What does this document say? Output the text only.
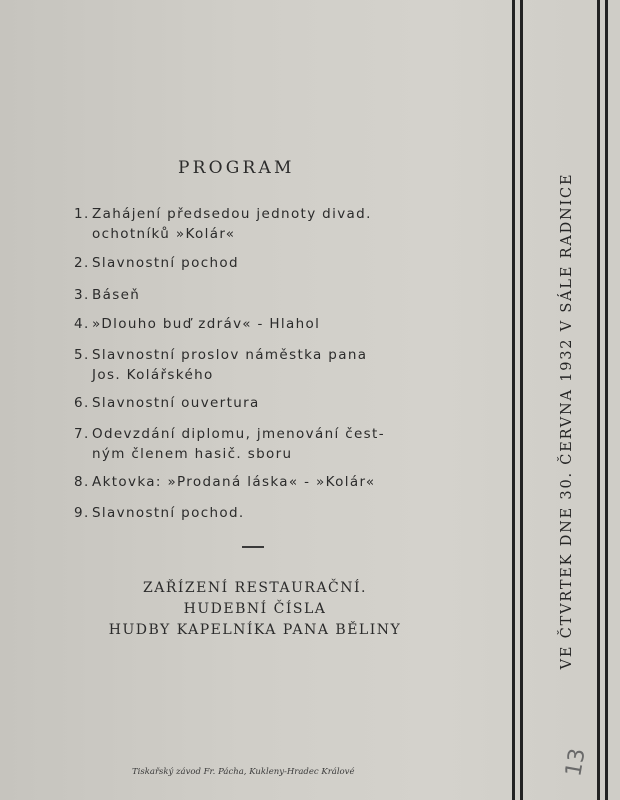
PROGRAM
1. Zahájení předsedou jednoty divad.
ochotníků »Kolár«
2. Slavnostní pochod
3. Báseň
4. »Dlouho buď zdráv« - Hlahol
5. Slavnostní proslov náměstka pana
Jos. Kolářského
6. Slavnostní ouvertura
7. Odevzdání diplomu, jmenování čest-
ným členem hasič. sboru
8. Aktovka: »Prodaná láska« - »Kolár«
9. Slavnostní pochod.
ZAŘÍZENÍ RESTAURAČNÍ.
HUDEBNÍ ČÍSLA
HUDBY KAPELNÍKA PANA BĚLINY
Tiskařský závod Fr. Pácha, Kukleny-Hradec Králové
VE ČTVRTEK DNE 30. ČERVNA 1932 V SÁLE RADNICE
13
